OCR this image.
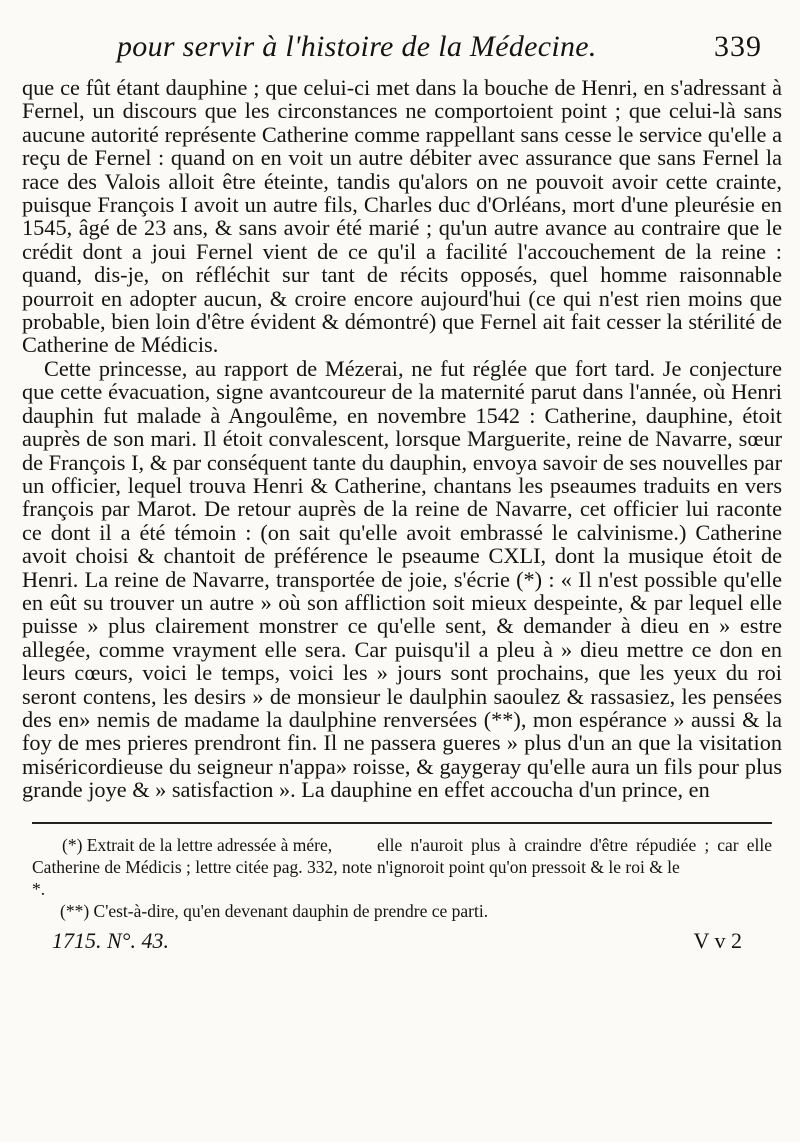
pour servir à l'histoire de la Médecine.	339

que ce fût étant dauphine ; que celui-ci met dans la bouche de Henri, en s'adressant à Fernel, un discours que les circonstances ne comportoient point ; que celui-là sans aucune autorité représente Catherine comme rappellant sans cesse le service qu'elle a reçu de Fernel : quand on en voit un autre débiter avec assurance que sans Fernel la race des Valois alloit être éteinte, tandis qu'alors on ne pouvoit avoir cette crainte, puisque François I avoit un autre fils, Charles duc d'Orléans, mort d'une pleurésie en 1545, âgé de 23 ans, & sans avoir été marié ; qu'un autre avance au contraire que le crédit dont a joui Fernel vient de ce qu'il a facilité l'accouchement de la reine : quand, dis-je, on réfléchit sur tant de récits opposés, quel homme raisonnable pourroit en adopter aucun, & croire encore aujourd'hui (ce qui n'est rien moins que probable, bien loin d'être évident & démontré) que Fernel ait fait cesser la stérilité de Catherine de Médicis.

Cette princesse, au rapport de Mézerai, ne fut réglée que fort tard. Je conjecture que cette évacuation, signe avantcoureur de la maternité parut dans l'année, où Henri dauphin fut malade à Angoulême, en novembre 1542 : Catherine, dauphine, étoit auprès de son mari. Il étoit convalescent, lorsque Marguerite, reine de Navarre, sœur de François I, & par conséquent tante du dauphin, envoya savoir de ses nouvelles par un officier, lequel trouva Henri & Catherine, chantans les pseaumes traduits en vers françois par Marot. De retour auprès de la reine de Navarre, cet officier lui raconte ce dont il a été témoin : (on sait qu'elle avoit embrassé le calvinisme.) Catherine avoit choisi & chantoit de préférence le pseaume CXLI, dont la musique étoit de Henri. La reine de Navarre, transportée de joie, s'écrie (*) : « Il n'est possible qu'elle en eût su trouver un autre » où son affliction soit mieux despeinte, & par lequel elle puisse » plus clairement monstrer ce qu'elle sent, & demander à dieu en » estre allegée, comme vrayment elle sera. Car puisqu'il a pleu à » dieu mettre ce don en leurs cœurs, voici le temps, voici les » jours sont prochains, que les yeux du roi seront contens, les desirs » de monsieur le daulphin saoulez & rassasiez, les pensées des en» nemis de madame la daulphine renversées (**), mon espérance » aussi & la foy de mes prieres prendront fin. Il ne passera gueres » plus d'un an que la visitation miséricordieuse du seigneur n'appa» roisse, & gaygeray qu'elle aura un fils pour plus grande joye & » satisfaction ». La dauphine en effet accoucha d'un prince, en

(*) Extrait de la lettre adressée à mére, Catherine de Médicis ; lettre citée pag. 332, note *.
elle n'auroit plus à craindre d'être répudiée ; car elle n'ignoroit point qu'on pressoit & le roi & le
(**) C'est-à-dire, qu'en devenant dauphin de prendre ce parti.
1715. N°. 43.	V v 2
